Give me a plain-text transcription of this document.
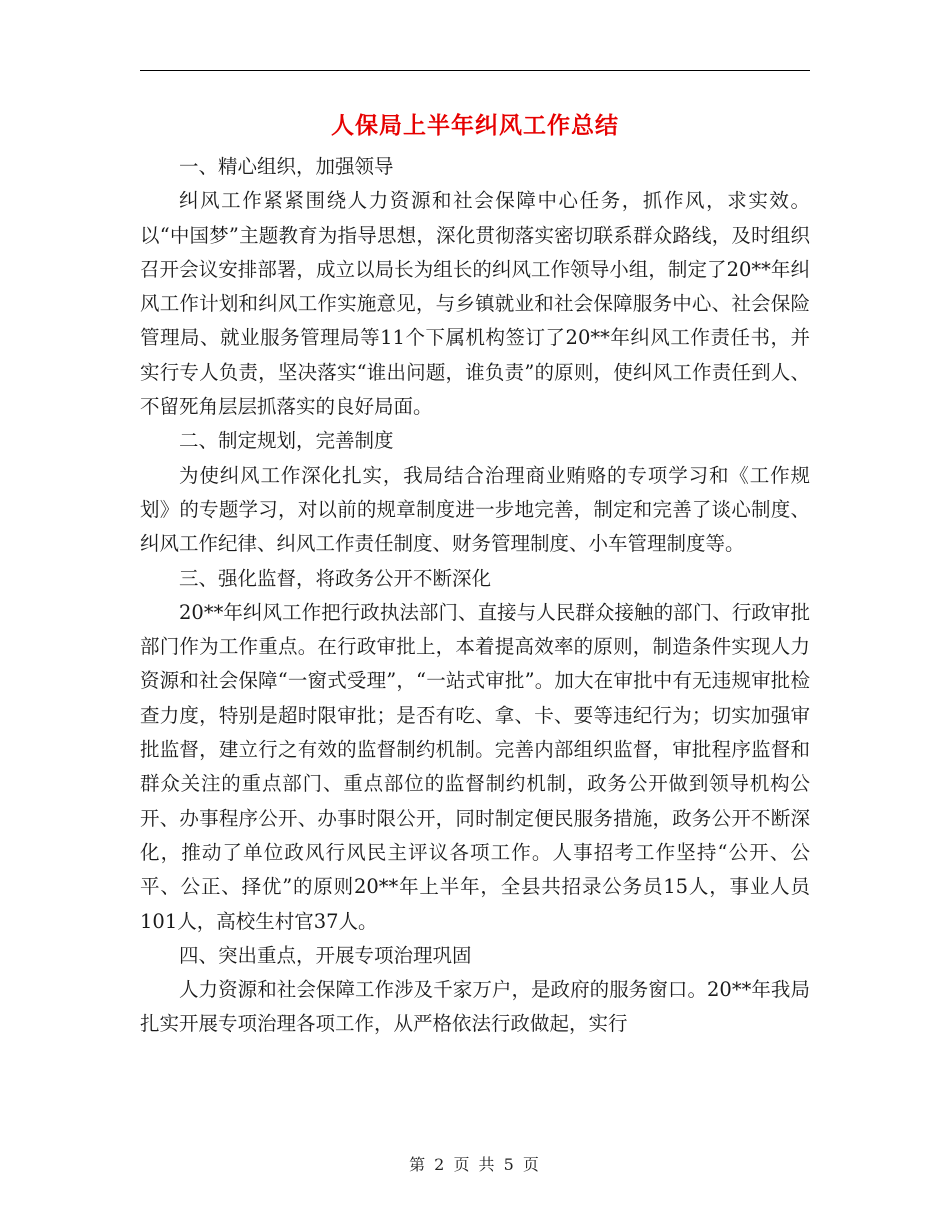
人保局上半年纠风工作总结

一、精心组织，加强领导

纠风工作紧紧围绕人力资源和社会保障中心任务，抓作风，求实效。以“中国梦”主题教育为指导思想，深化贯彻落实密切联系群众路线，及时组织召开会议安排部署，成立以局长为组长的纠风工作领导小组，制定了20**年纠风工作计划和纠风工作实施意见，与乡镇就业和社会保障服务中心、社会保险管理局、就业服务管理局等11个下属机构签订了20**年纠风工作责任书，并实行专人负责，坚决落实“谁出问题，谁负责”的原则，使纠风工作责任到人、不留死角层层抓落实的良好局面。

二、制定规划，完善制度

为使纠风工作深化扎实，我局结合治理商业贿赂的专项学习和《工作规划》的专题学习，对以前的规章制度进一步地完善，制定和完善了谈心制度、纠风工作纪律、纠风工作责任制度、财务管理制度、小车管理制度等。

三、强化监督，将政务公开不断深化

20**年纠风工作把行政执法部门、直接与人民群众接触的部门、行政审批部门作为工作重点。在行政审批上，本着提高效率的原则，制造条件实现人力资源和社会保障“一窗式受理”，“一站式审批”。加大在审批中有无违规审批检查力度，特别是超时限审批；是否有吃、拿、卡、要等违纪行为；切实加强审批监督，建立行之有效的监督制约机制。完善内部组织监督，审批程序监督和群众关注的重点部门、重点部位的监督制约机制，政务公开做到领导机构公开、办事程序公开、办事时限公开，同时制定便民服务措施，政务公开不断深化，推动了单位政风行风民主评议各项工作。人事招考工作坚持“公开、公平、公正、择优”的原则20**年上半年，全县共招录公务员15人，事业人员101人，高校生村官37人。

四、突出重点，开展专项治理巩固

人力资源和社会保障工作涉及千家万户，是政府的服务窗口。20**年我局扎实开展专项治理各项工作，从严格依法行政做起，实行

第 2 页 共 5 页
